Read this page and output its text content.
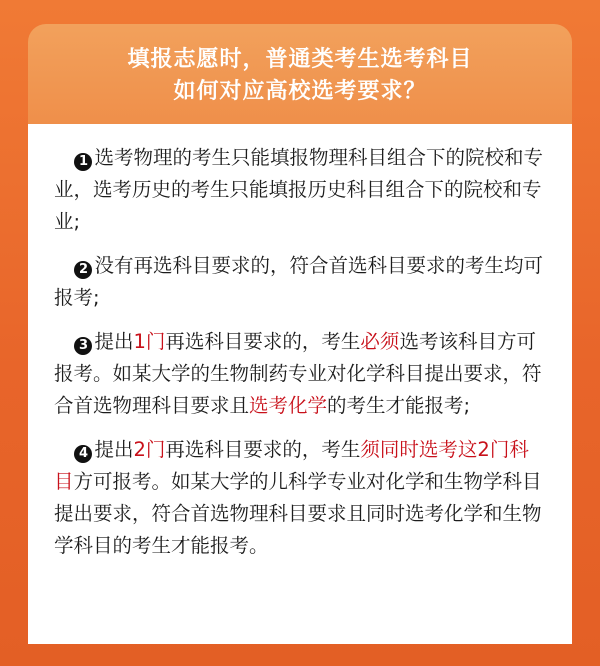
填报志愿时，普通类考生选考科目
如何对应高校选考要求？

1 选考物理的考生只能填报物理科目组合下的院校和专业，选考历史的考生只能填报历史科目组合下的院校和专业;

2 没有再选科目要求的，符合首选科目要求的考生均可报考;

3 提出1门再选科目要求的，考生必须选考该科目方可报考。如某大学的生物制药专业对化学科目提出要求，符合首选物理科目要求且选考化学的考生才能报考;

4 提出2门再选科目要求的，考生须同时选考这2门科目方可报考。如某大学的儿科学专业对化学和生物学科目提出要求，符合首选物理科目要求且同时选考化学和生物学科目的考生才能报考。
